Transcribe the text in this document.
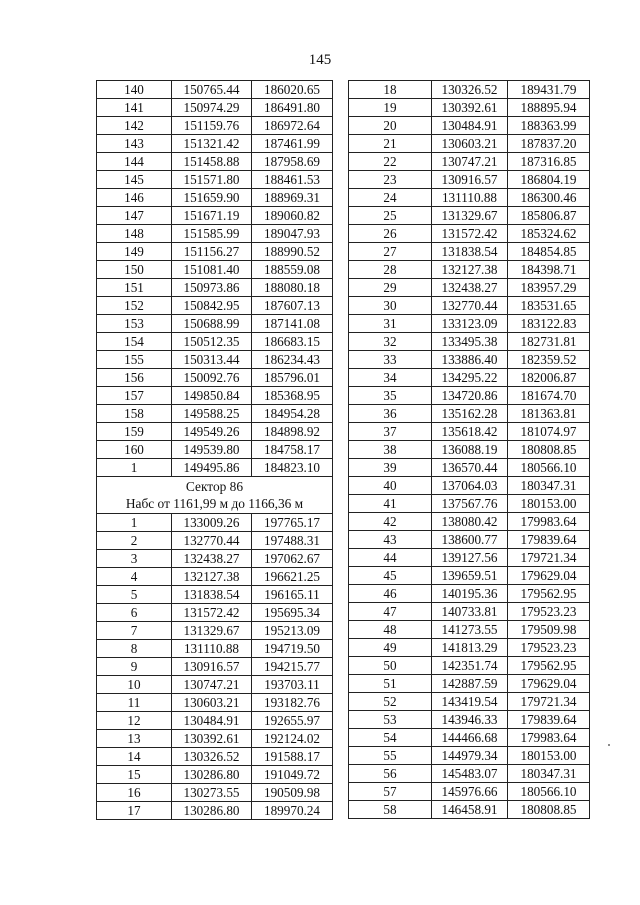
145
140	150765.44	186020.65
141	150974.29	186491.80
142	151159.76	186972.64
143	151321.42	187461.99
144	151458.88	187958.69
145	151571.80	188461.53
146	151659.90	188969.31
147	151671.19	189060.82
148	151585.99	189047.93
149	151156.27	188990.52
150	151081.40	188559.08
151	150973.86	188080.18
152	150842.95	187607.13
153	150688.99	187141.08
154	150512.35	186683.15
155	150313.44	186234.43
156	150092.76	185796.01
157	149850.84	185368.95
158	149588.25	184954.28
159	149549.26	184898.92
160	149539.80	184758.17
1	149495.86	184823.10

Сектор 86
Набс от 1161,99 м до 1166,36 м		

1	133009.26	197765.17
2	132770.44	197488.31
3	132438.27	197062.67
4	132127.38	196621.25
5	131838.54	196165.11
6	131572.42	195695.34
7	131329.67	195213.09
8	131110.88	194719.50
9	130916.57	194215.77
10	130747.21	193703.11
11	130603.21	193182.76
12	130484.91	192655.97
13	130392.61	192124.02
14	130326.52	191588.17
15	130286.80	191049.72
16	130273.55	190509.98
17	130286.80	189970.24
18	130326.52	189431.79
19	130392.61	188895.94
20	130484.91	188363.99
21	130603.21	187837.20
22	130747.21	187316.85
23	130916.57	186804.19
24	131110.88	186300.46
25	131329.67	185806.87
26	131572.42	185324.62
27	131838.54	184854.85
28	132127.38	184398.71
29	132438.27	183957.29
30	132770.44	183531.65
31	133123.09	183122.83
32	133495.38	182731.81
33	133886.40	182359.52
34	134295.22	182006.87
35	134720.86	181674.70
36	135162.28	181363.81
37	135618.42	181074.97
38	136088.19	180808.85
39	136570.44	180566.10
40	137064.03	180347.31
41	137567.76	180153.00
42	138080.42	179983.64
43	138600.77	179839.64
44	139127.56	179721.34
45	139659.51	179629.04
46	140195.36	179562.95
47	140733.81	179523.23
48	141273.55	179509.98
49	141813.29	179523.23
50	142351.74	179562.95
51	142887.59	179629.04
52	143419.54	179721.34
53	143946.33	179839.64
54	144466.68	179983.64
55	144979.34	180153.00
56	145483.07	180347.31
57	145976.66	180566.10
58	146458.91	180808.85
